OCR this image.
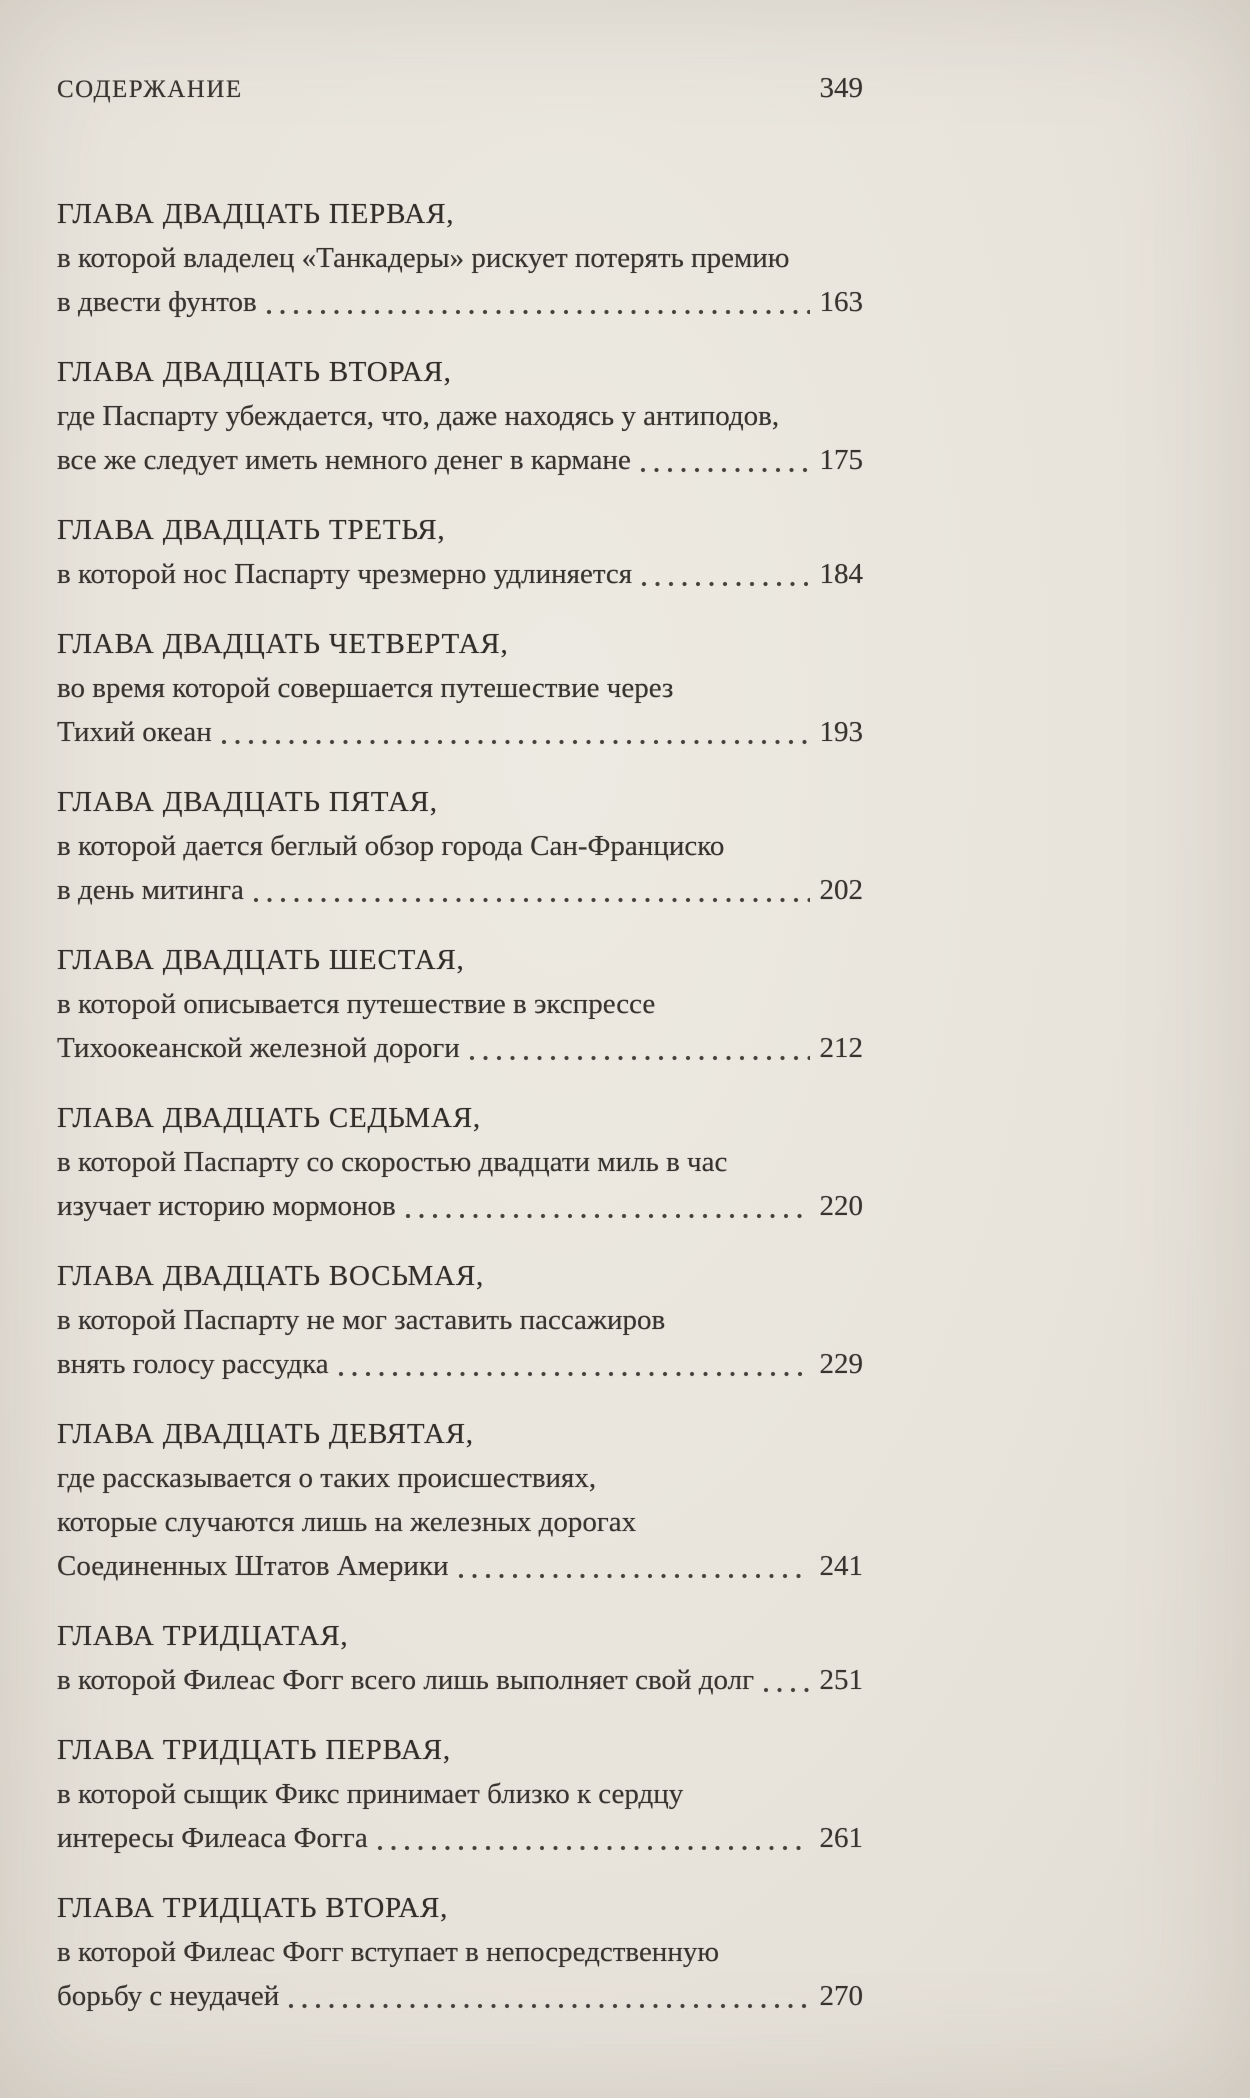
СОДЕРЖАНИЕ	349
ГЛАВА ДВАДЦАТЬ ПЕРВАЯ,
в которой владелец «Танкадеры» рискует потерять премию
в двести фунтов	163
ГЛАВА ДВАДЦАТЬ ВТОРАЯ,
где Паспарту убеждается, что, даже находясь у антиподов,
все же следует иметь немного денег в кармане	175
ГЛАВА ДВАДЦАТЬ ТРЕТЬЯ,
в которой нос Паспарту чрезмерно удлиняется	184
ГЛАВА ДВАДЦАТЬ ЧЕТВЕРТАЯ,
во время которой совершается путешествие через
Тихий океан	193
ГЛАВА ДВАДЦАТЬ ПЯТАЯ,
в которой дается беглый обзор города Сан-Франциско
в день митинга	202
ГЛАВА ДВАДЦАТЬ ШЕСТАЯ,
в которой описывается путешествие в экспрессе
Тихоокеанской железной дороги	212
ГЛАВА ДВАДЦАТЬ СЕДЬМАЯ,
в которой Паспарту со скоростью двадцати миль в час
изучает историю мормонов	220
ГЛАВА ДВАДЦАТЬ ВОСЬМАЯ,
в которой Паспарту не мог заставить пассажиров
внять голосу рассудка	229
ГЛАВА ДВАДЦАТЬ ДЕВЯТАЯ,
где рассказывается о таких происшествиях,
которые случаются лишь на железных дорогах
Соединенных Штатов Америки	241
ГЛАВА ТРИДЦАТАЯ,
в которой Филеас Фогг всего лишь выполняет свой долг 251
ГЛАВА ТРИДЦАТЬ ПЕРВАЯ,
в которой сыщик Фикс принимает близко к сердцу
интересы Филеаса Фогга	261
ГЛАВА ТРИДЦАТЬ ВТОРАЯ,
в которой Филеас Фогг вступает в непосредственную
борьбу с неудачей	270
